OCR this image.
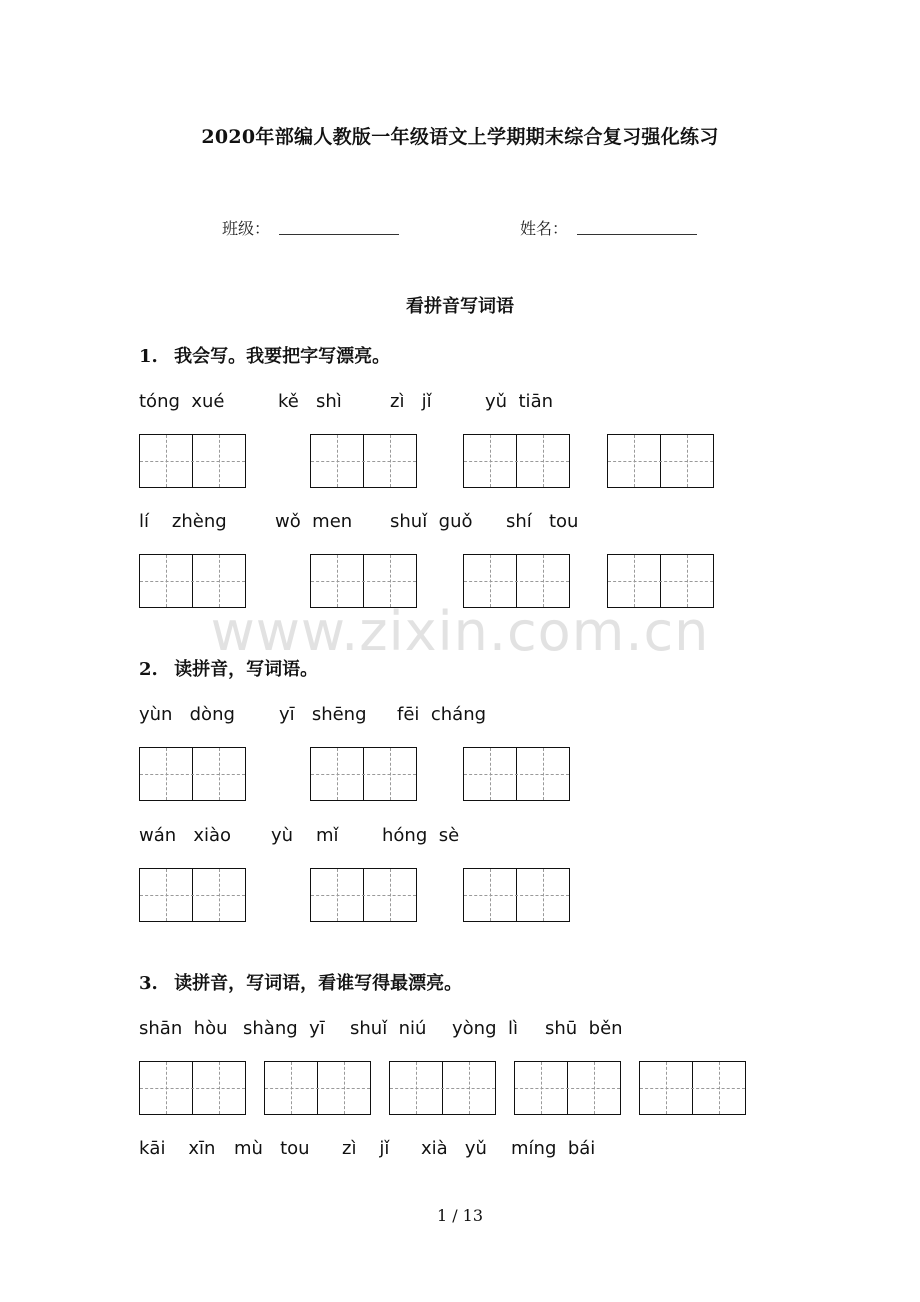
2020年部编人教版一年级语文上学期期末综合复习强化练习
班级：	姓名：
看拼音写词语
1. 我会写。我要把字写漂亮。
tóng  xué	kě   shì	zì   jǐ	yǔ  tiān
lí    zhèng	wǒ  men shuǐ  guǒ shí   tou
www.zixin.com.cn
2. 读拼音，写词语。
yùn   dòng yī   shēng fēi  cháng
wán   xiào yù    mǐ hóng  sè
3. 读拼音，写词语，看谁写得最漂亮。
shān  hòu shàng  yī shuǐ  niú yòng  lì shū  běn
kāi    xīn mù   tou zì    jǐ xià   yǔ míng  bái
1 / 13
